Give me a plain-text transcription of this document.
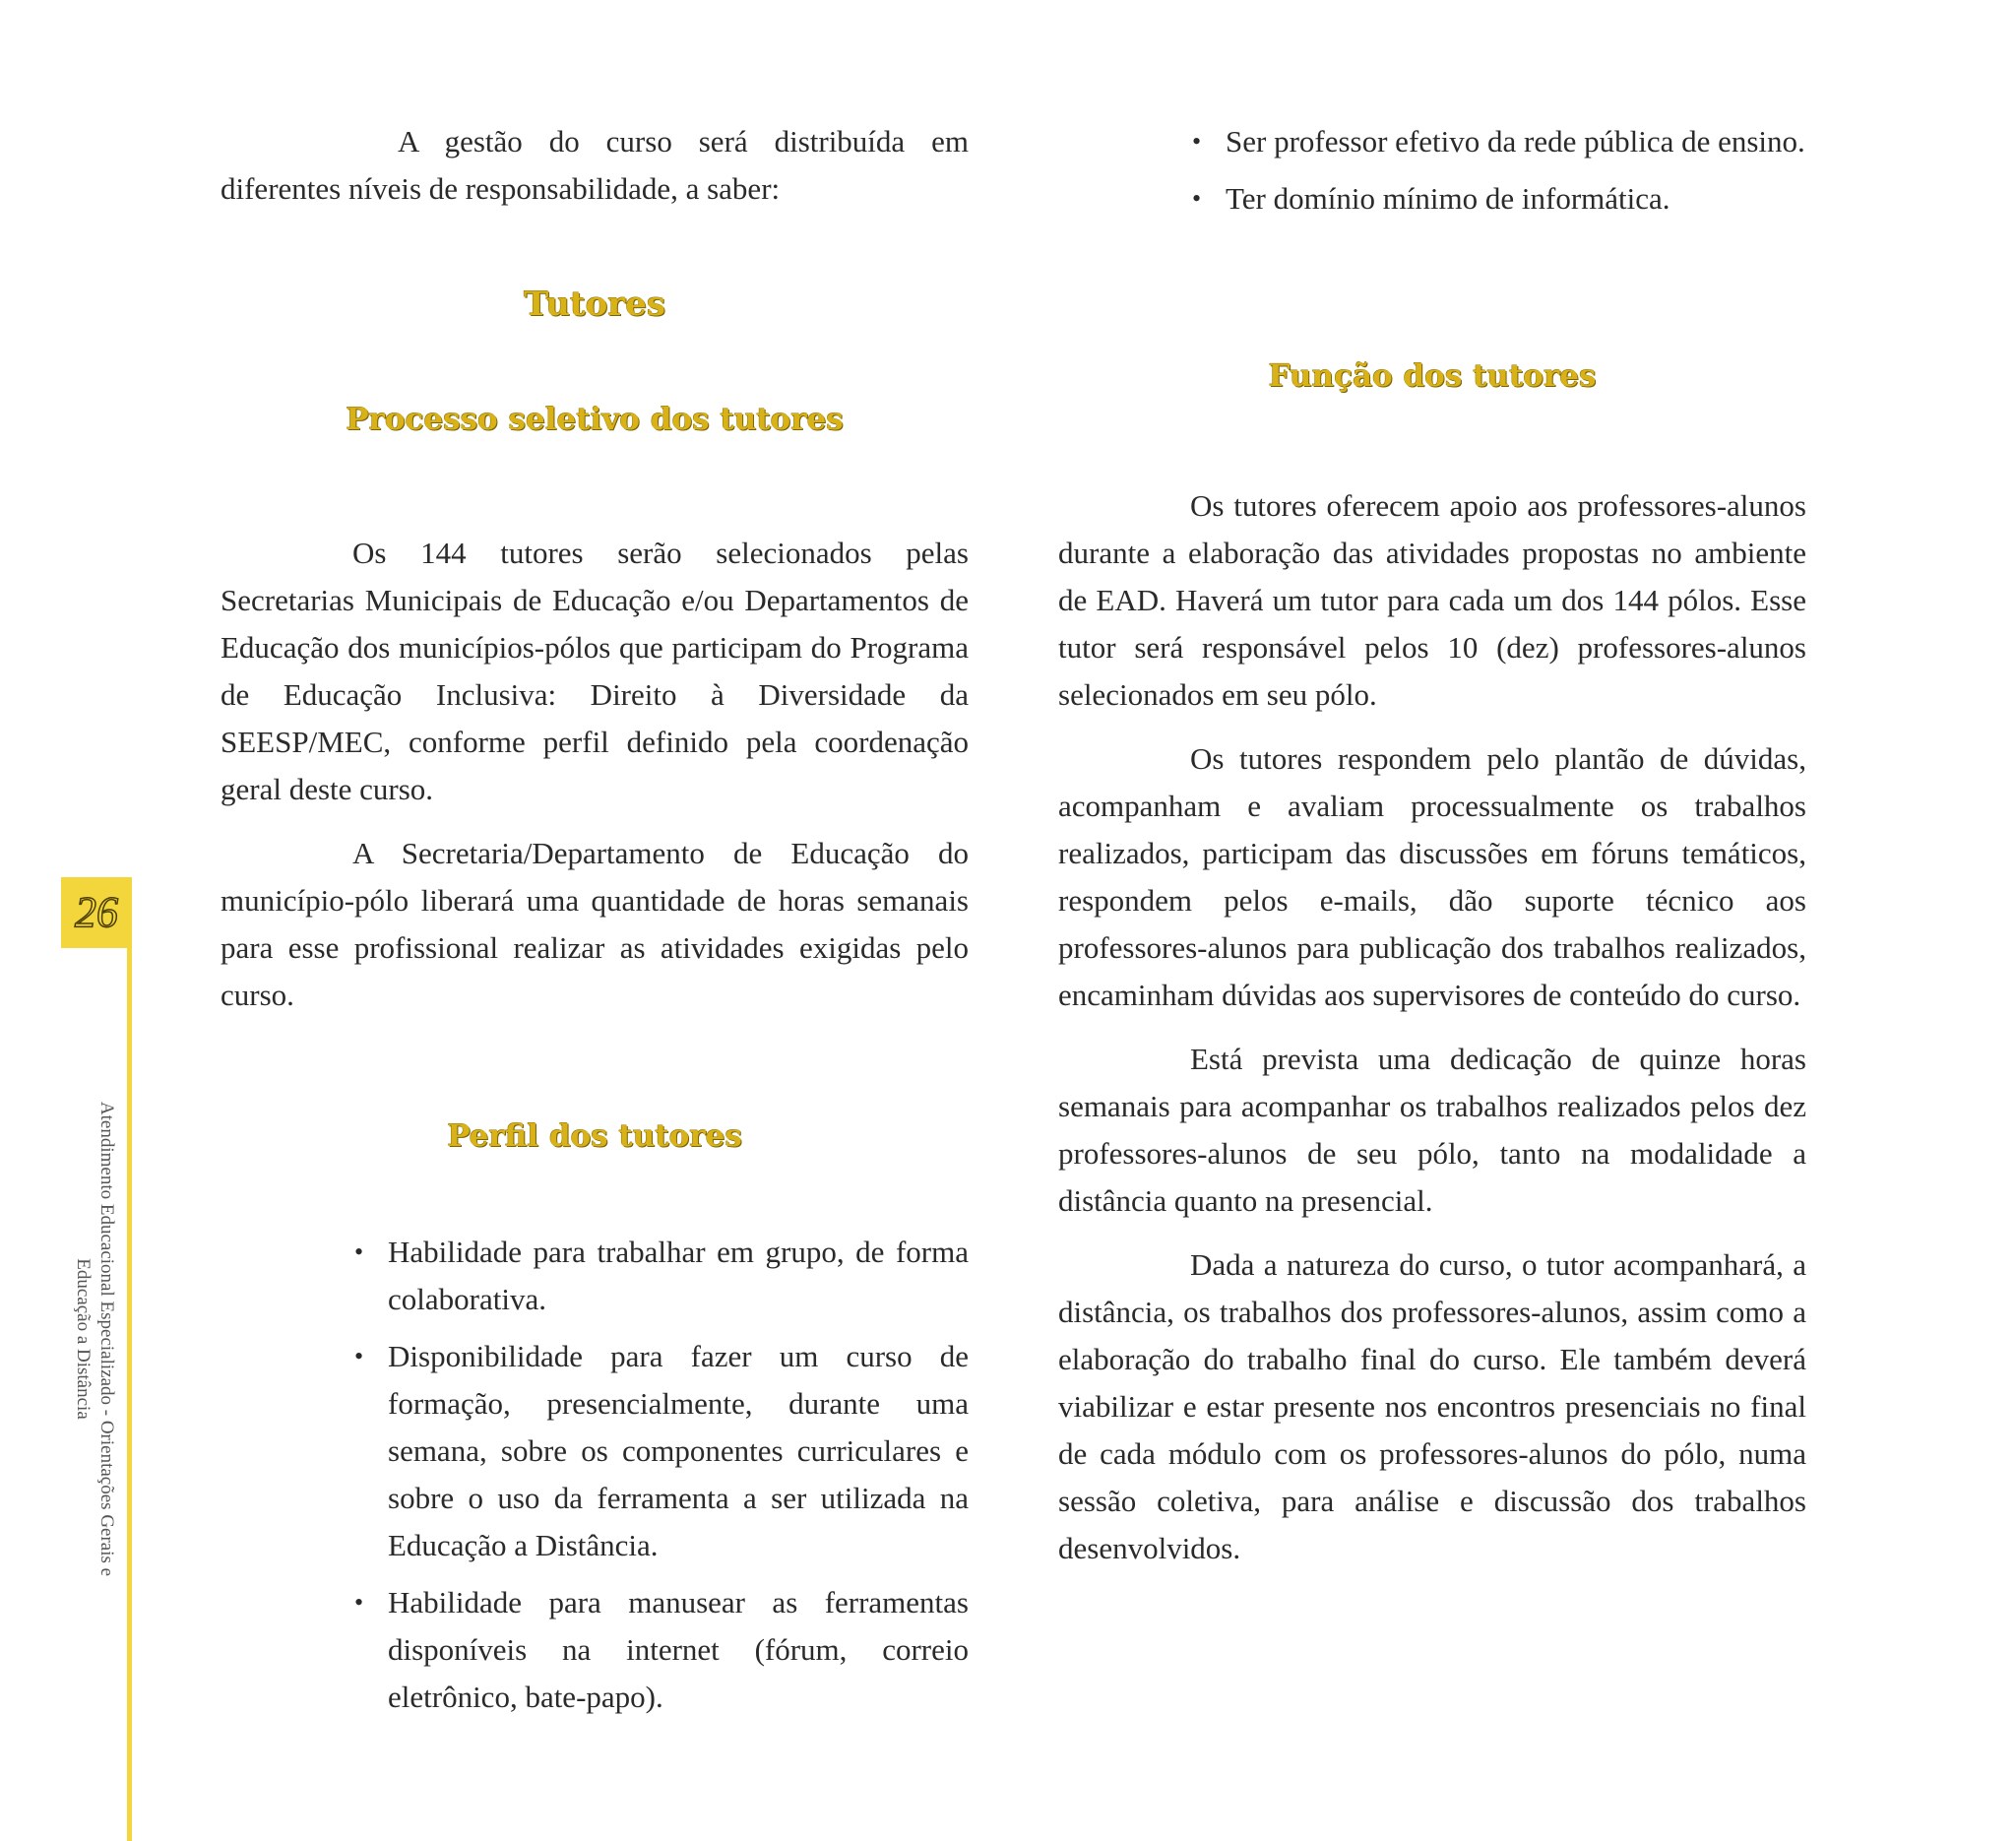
26
Atendimento Educacional Especializado - Orientações Gerais e
Educação a Distância

A gestão do curso será distribuída em diferentes níveis de responsabilidade, a saber:

Tutores
Processo seletivo dos tutores

Os 144 tutores serão selecionados pelas Secretarias Municipais de Educação e/ou Departamentos de Educação dos municípios-pólos que participam do Programa de Educação Inclusiva: Direito à Diversidade da SEESP/MEC, conforme perfil definido pela coordenação geral deste curso.

A Secretaria/Departamento de Educação do município-pólo liberará uma quantidade de horas semanais para esse profissional realizar as atividades exigidas pelo curso.

Perfil dos tutores
• Habilidade para trabalhar em grupo, de forma colaborativa.
• Disponibilidade para fazer um curso de formação, presencialmente, durante uma semana, sobre os componentes curriculares e sobre o uso da ferramenta a ser utilizada na Educação a Distância.
• Habilidade para manusear as ferramentas disponíveis na internet (fórum, correio eletrônico, bate-papo).
• Ser professor efetivo da rede pública de ensino.
• Ter domínio mínimo de informática.
Função dos tutores

Os tutores oferecem apoio aos professores-alunos durante a elaboração das atividades propostas no ambiente de EAD. Haverá um tutor para cada um dos 144 pólos. Esse tutor será responsável pelos 10 (dez) professores-alunos selecionados em seu pólo.

Os tutores respondem pelo plantão de dúvidas, acompanham e avaliam processualmente os trabalhos realizados, participam das discussões em fóruns temáticos, respondem pelos e-mails, dão suporte técnico aos professores-alunos para publicação dos trabalhos realizados, encaminham dúvidas aos supervisores de conteúdo do curso.

Está prevista uma dedicação de quinze horas semanais para acompanhar os trabalhos realizados pelos dez professores-alunos de seu pólo, tanto na modalidade a distância quanto na presencial.

Dada a natureza do curso, o tutor acompanhará, a distância, os trabalhos dos professores-alunos, assim como a elaboração do trabalho final do curso. Ele também deverá viabilizar e estar presente nos encontros presenciais no final de cada módulo com os professores-alunos do pólo, numa sessão coletiva, para análise e discussão dos trabalhos desenvolvidos.
